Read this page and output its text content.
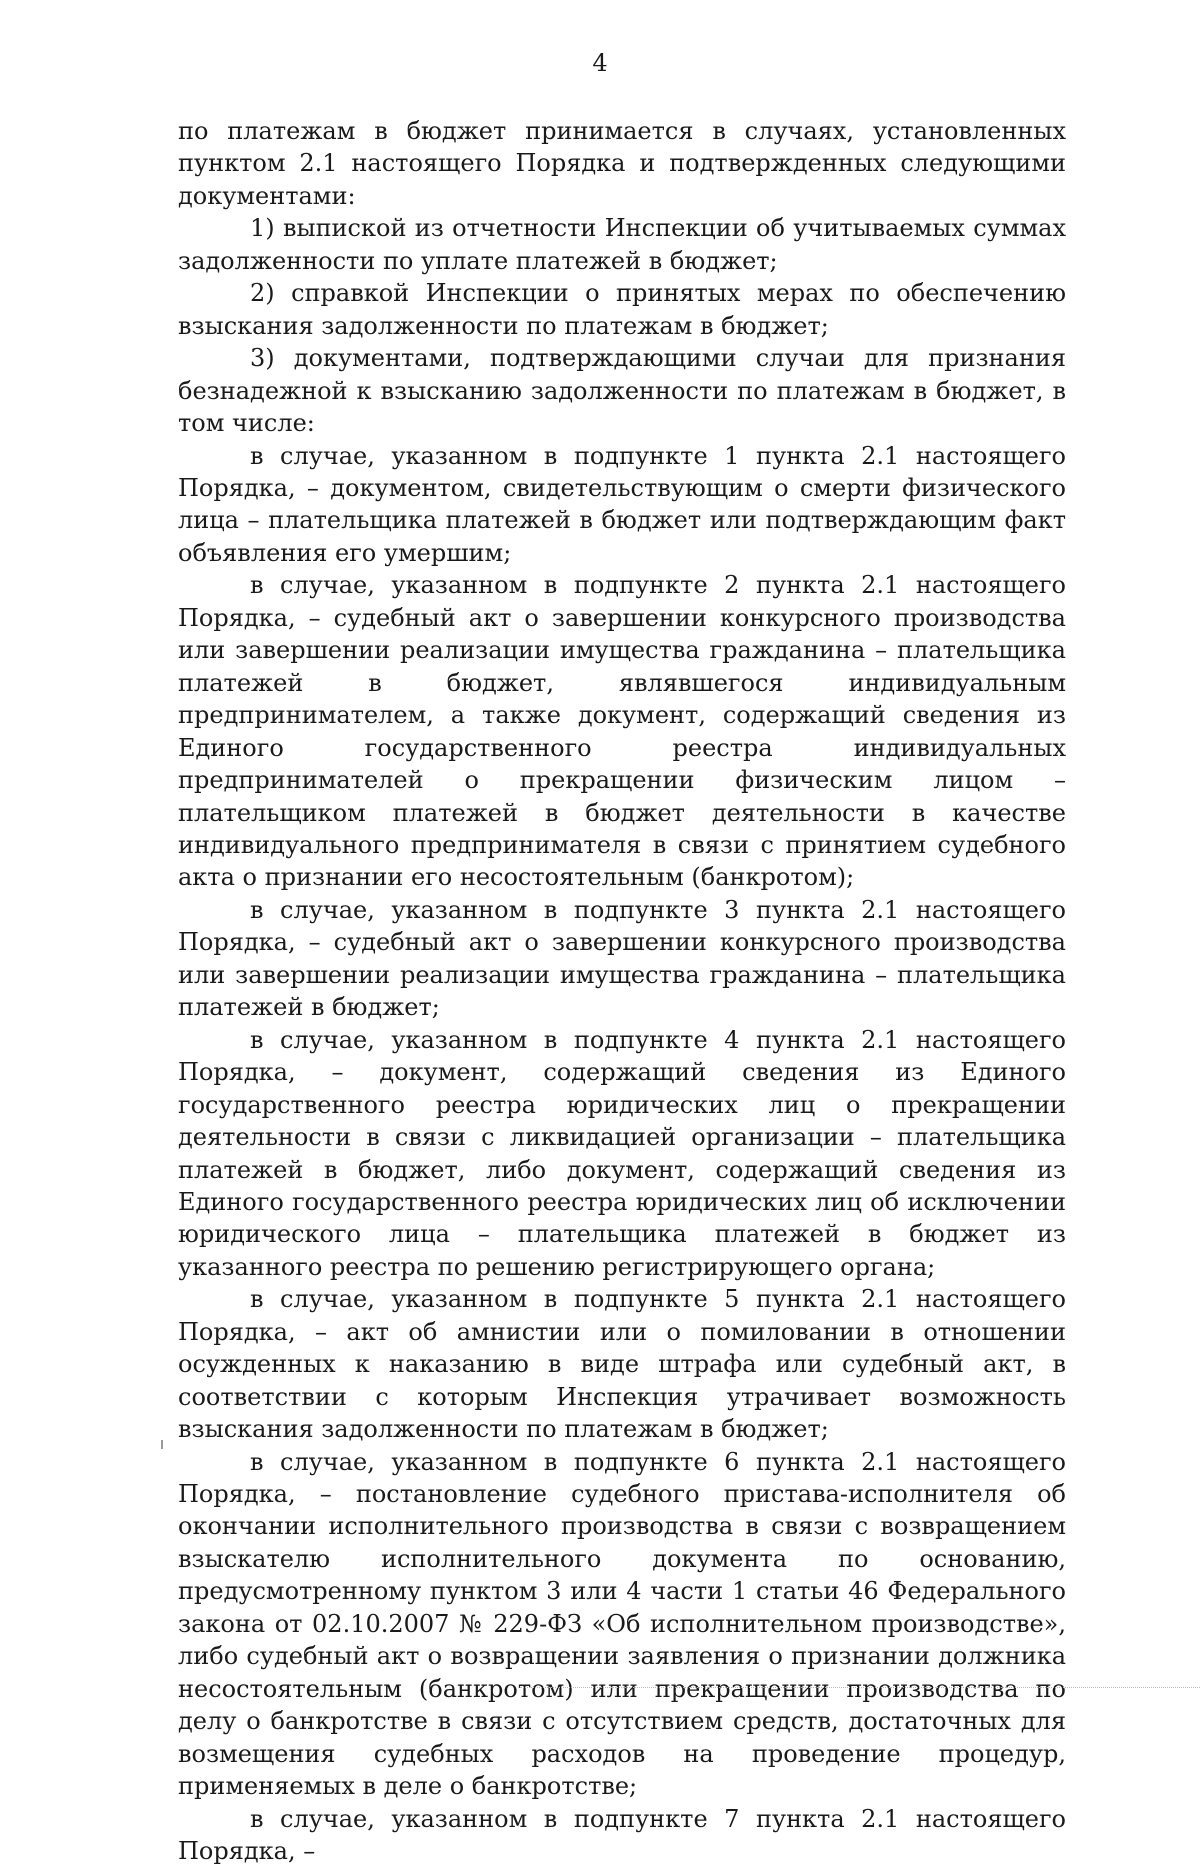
4

по платежам в бюджет принимается в случаях, установленных пунктом 2.1 настоящего Порядка и подтвержденных следующими документами:

1) выпиской из отчетности Инспекции об учитываемых суммах задолженности по уплате платежей в бюджет;

2) справкой Инспекции о принятых мерах по обеспечению взыскания задолженности по платежам в бюджет;

3) документами, подтверждающими случаи для признания безнадежной к взысканию задолженности по платежам в бюджет, в том числе:

в случае, указанном в подпункте 1 пункта 2.1 настоящего Порядка, – документом, свидетельствующим о смерти физического лица – плательщика платежей в бюджет или подтверждающим факт объявления его умершим;

в случае, указанном в подпункте 2 пункта 2.1 настоящего Порядка, – судебный акт о завершении конкурсного производства или завершении реализации имущества гражданина – плательщика платежей в бюджет, являвшегося индивидуальным предпринимателем, а также документ, содержащий сведения из Единого государственного реестра индивидуальных предпринимателей о прекращении физическим лицом – плательщиком платежей в бюджет деятельности в качестве индивидуального предпринимателя в связи с принятием судебного акта о признании его несостоятельным (банкротом);

в случае, указанном в подпункте 3 пункта 2.1 настоящего Порядка, – судебный акт о завершении конкурсного производства или завершении реализации имущества гражданина – плательщика платежей в бюджет;

в случае, указанном в подпункте 4 пункта 2.1 настоящего Порядка, – документ, содержащий сведения из Единого государственного реестра юридических лиц о прекращении деятельности в связи с ликвидацией организации – плательщика платежей в бюджет, либо документ, содержащий сведения из Единого государственного реестра юридических лиц об исключении юридического лица – плательщика платежей в бюджет из указанного реестра по решению регистрирующего органа;

в случае, указанном в подпункте 5 пункта 2.1 настоящего Порядка, – акт об амнистии или о помиловании в отношении осужденных к наказанию в виде штрафа или судебный акт, в соответствии с которым Инспекция утрачивает возможность взыскания задолженности по платежам в бюджет;

в случае, указанном в подпункте 6 пункта 2.1 настоящего Порядка, – постановление судебного пристава-исполнителя об окончании исполнительного производства в связи с возвращением взыскателю исполнительного документа по основанию, предусмотренному пунктом 3 или 4 части 1 статьи 46 Федерального закона от 02.10.2007 № 229-ФЗ «Об исполнительном производстве», либо судебный акт о возвращении заявления о признании должника несостоятельным (банкротом) или прекращении производства по делу о банкротстве в связи с отсутствием средств, достаточных для возмещения судебных расходов на проведение процедур, применяемых в деле о банкротстве;

в случае, указанном в подпункте 7 пункта 2.1 настоящего Порядка, –
